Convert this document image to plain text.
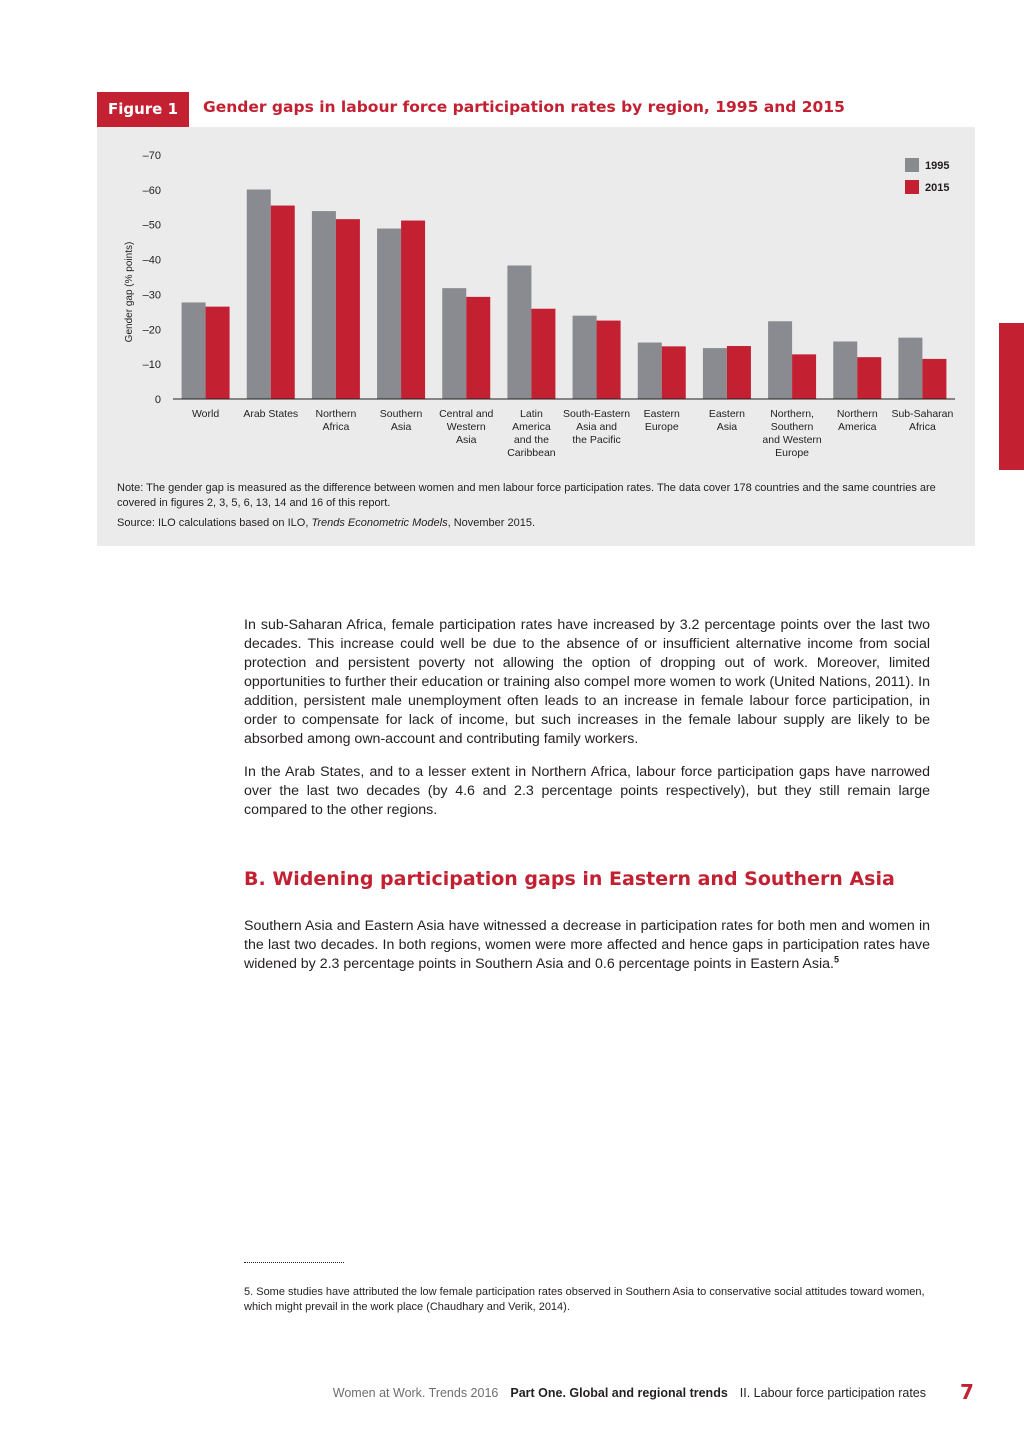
Figure 1	Gender gaps in labour force participation rates by region, 1995 and 2015
0
–10
–20
–30
–40
–50
–60
–70
Gender gap (% points)
World Arab States Northern
Africa
Southern
Asia
Central and
Western
Asia
Latin
America
and the
Caribbean
South-Eastern
Asia and
the Pacific
Eastern
Europe
Eastern
Asia
Northern,
Southern
and Western
Europe
Northern
America
Sub-Saharan
Africa
1995
2015
Note: The gender gap is measured as the difference between women and men labour force participation rates. The data cover 178 countries and the same countries are covered in figures 2, 3, 5, 6, 13, 14 and 16 of this report.
Source: ILO calculations based on ILO, Trends Econometric Models, November 2015.

In sub-Saharan Africa, female participation rates have increased by 3.2 percentage points over the last two decades. This increase could well be due to the absence of or insufficient alternative income from social protection and persistent poverty not allowing the option of dropping out of work. Moreover, limited opportunities to further their education or training also compel more women to work (United Nations, 2011). In addition, persistent male unemployment often leads to an increase in female labour force participation, in order to compensate for lack of income, but such increases in the female labour supply are likely to be absorbed among own-account and contributing family workers.

In the Arab States, and to a lesser extent in Northern Africa, labour force participation gaps have narrowed over the last two decades (by 4.6 and 2.3 percentage points respectively), but they still remain large compared to the other regions.

B. Widening participation gaps in Eastern and Southern Asia

Southern Asia and Eastern Asia have witnessed a decrease in participation rates for both men and women in the last two decades. In both regions, women were more affected and hence gaps in participation rates have widened by 2.3 percentage points in Southern Asia and 0.6 percentage points in Eastern Asia.$^5$

5. Some studies have attributed the low female participation rates observed in Southern Asia to conservative social attitudes toward women, which might prevail in the work place (Chaudhary and Verik, 2014).

Women at Work. Trends 2016 Part One. Global and regional trends II. Labour force participation rates 7
